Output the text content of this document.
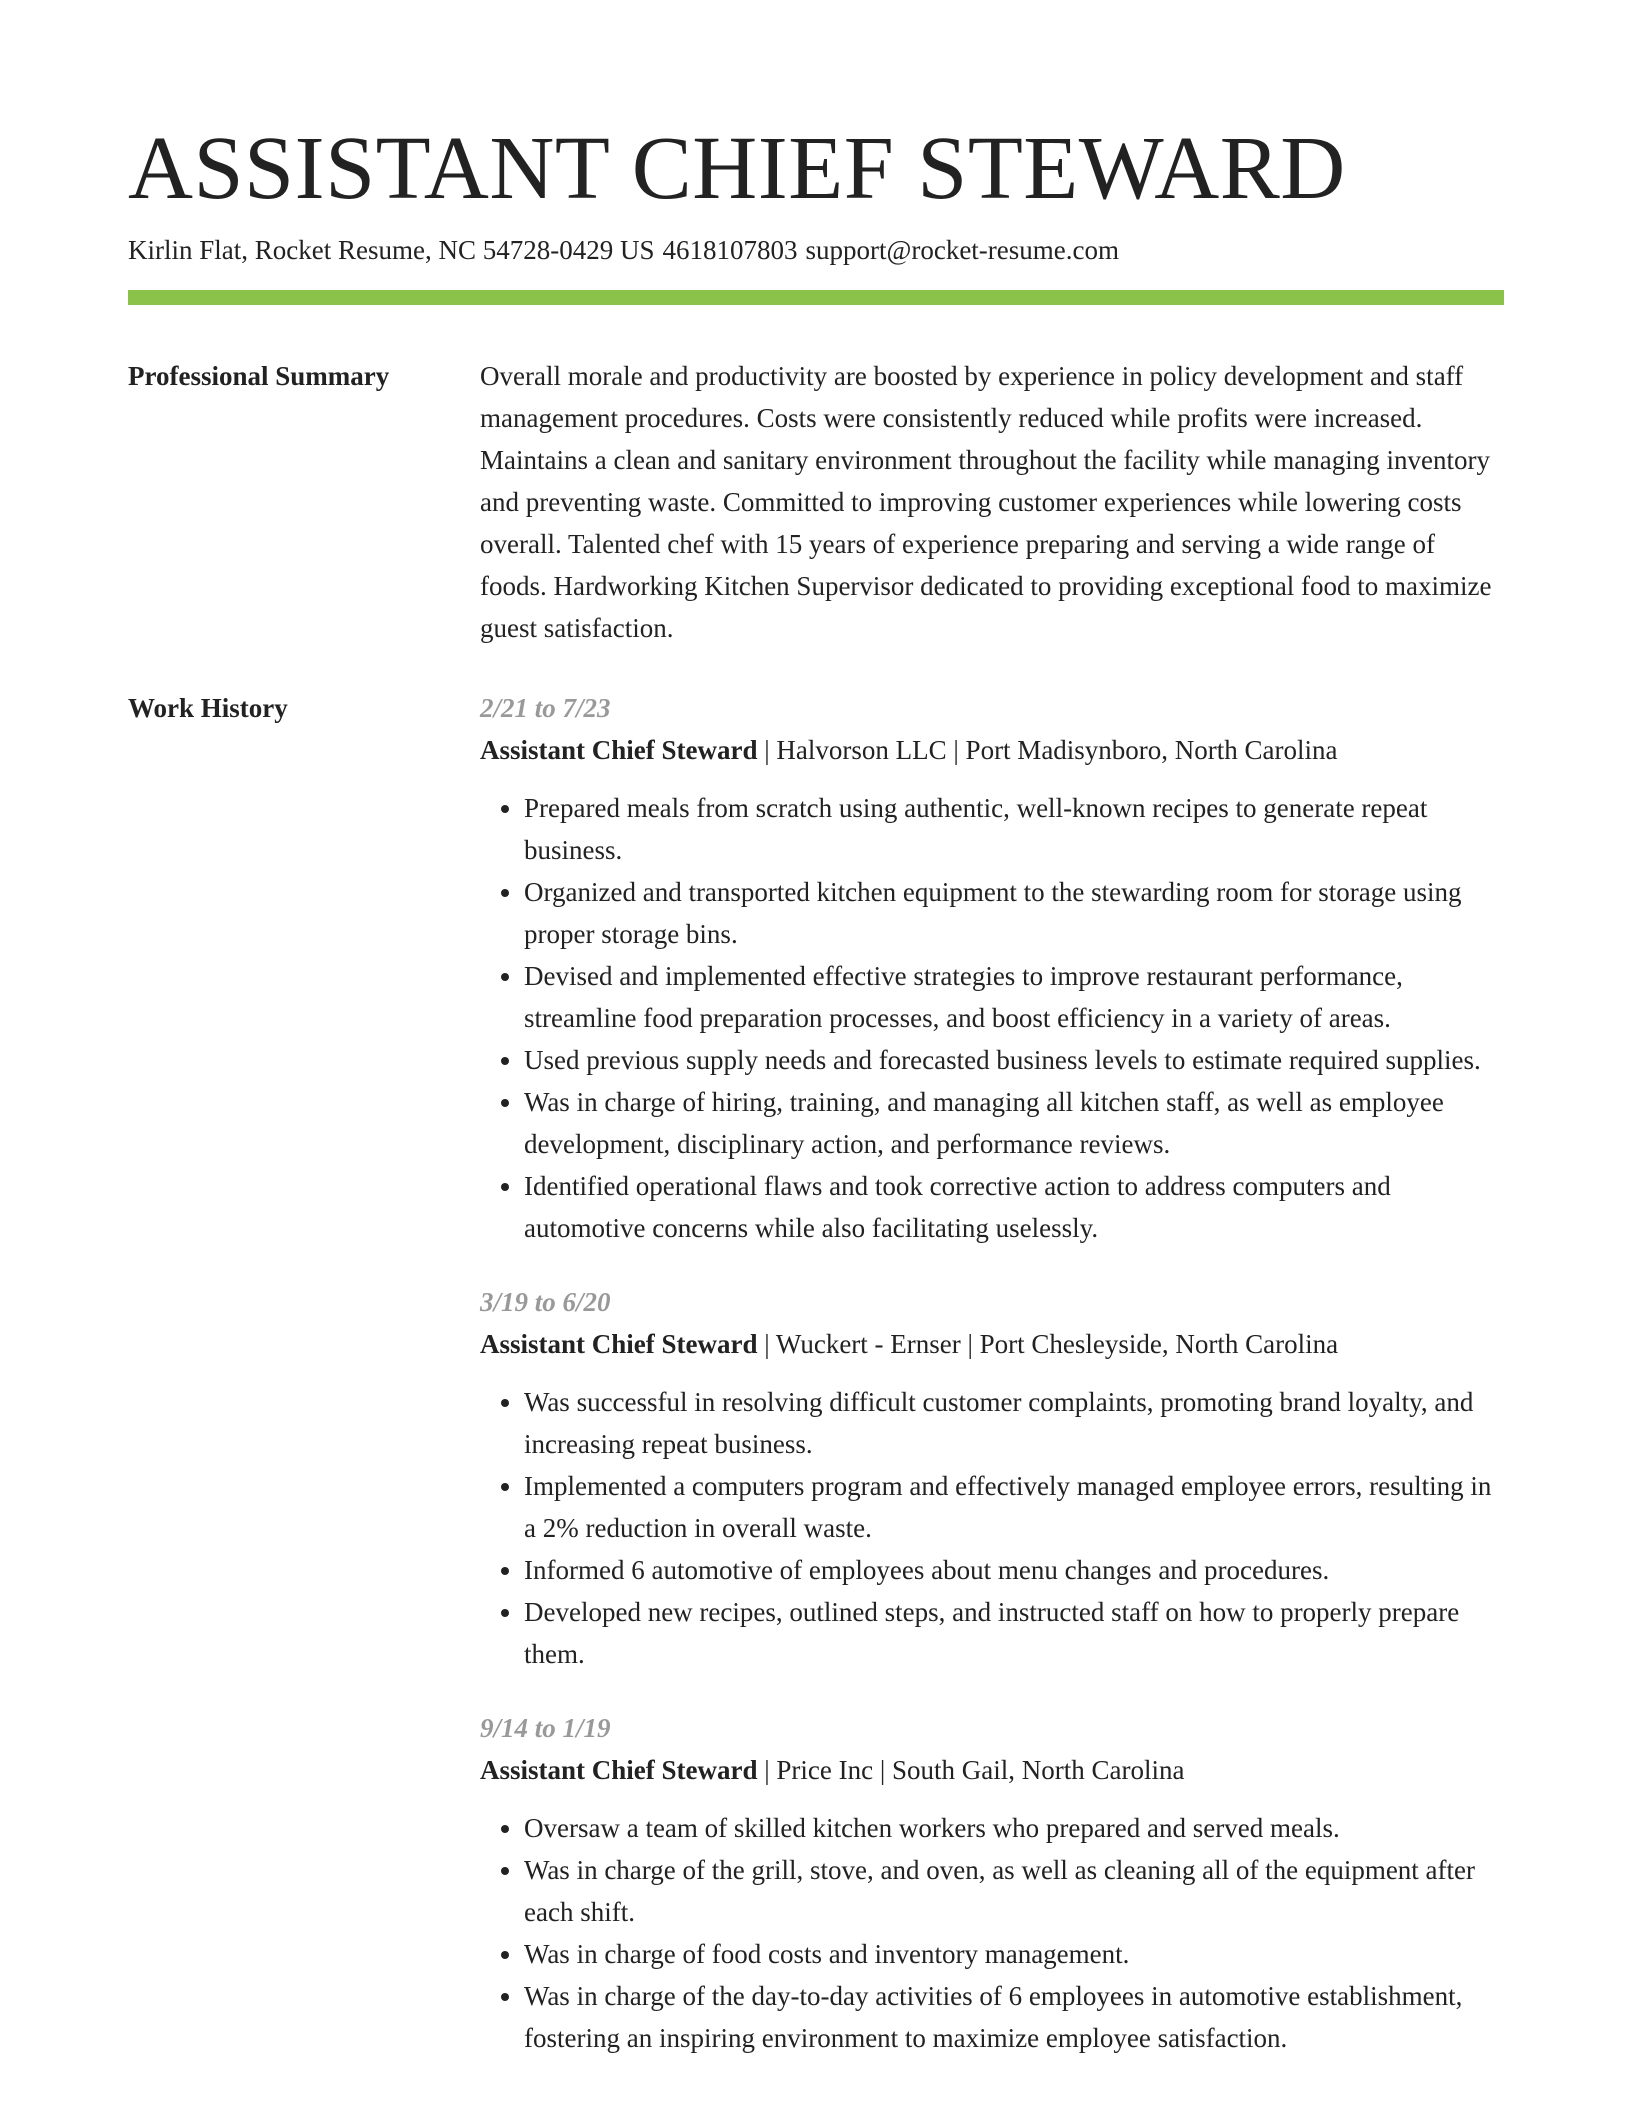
ASSISTANT CHIEF STEWARD
Kirlin Flat, Rocket Resume, NC 54728-0429 US 4618107803 support@rocket-resume.com
Professional Summary	Overall morale and productivity are boosted by experience in policy development and staff management procedures. Costs were consistently reduced while profits were increased. Maintains a clean and sanitary environment throughout the facility while managing inventory and preventing waste. Committed to improving customer experiences while lowering costs overall. Talented chef with 15 years of experience preparing and serving a wide range of foods. Hardworking Kitchen Supervisor dedicated to providing exceptional food to maximize guest satisfaction.

Work History	2/21 to 7/23
Assistant Chief Steward | Halvorson LLC | Port Madisynboro, North Carolina
• Prepared meals from scratch using authentic, well-known recipes to generate repeat business.
• Organized and transported kitchen equipment to the stewarding room for storage using proper storage bins.
• Devised and implemented effective strategies to improve restaurant performance, streamline food preparation processes, and boost efficiency in a variety of areas.
• Used previous supply needs and forecasted business levels to estimate required supplies.
• Was in charge of hiring, training, and managing all kitchen staff, as well as employee development, disciplinary action, and performance reviews.
• Identified operational flaws and took corrective action to address computers and automotive concerns while also facilitating uselessly.
3/19 to 6/20
Assistant Chief Steward | Wuckert - Ernser | Port Chesleyside, North Carolina
• Was successful in resolving difficult customer complaints, promoting brand loyalty, and increasing repeat business.
• Implemented a computers program and effectively managed employee errors, resulting in a 2% reduction in overall waste.
• Informed 6 automotive of employees about menu changes and procedures.
• Developed new recipes, outlined steps, and instructed staff on how to properly prepare them.
9/14 to 1/19
Assistant Chief Steward | Price Inc | South Gail, North Carolina
• Oversaw a team of skilled kitchen workers who prepared and served meals.
• Was in charge of the grill, stove, and oven, as well as cleaning all of the equipment after each shift.
• Was in charge of food costs and inventory management.
• Was in charge of the day-to-day activities of 6 employees in automotive establishment, fostering an inspiring environment to maximize employee satisfaction.
